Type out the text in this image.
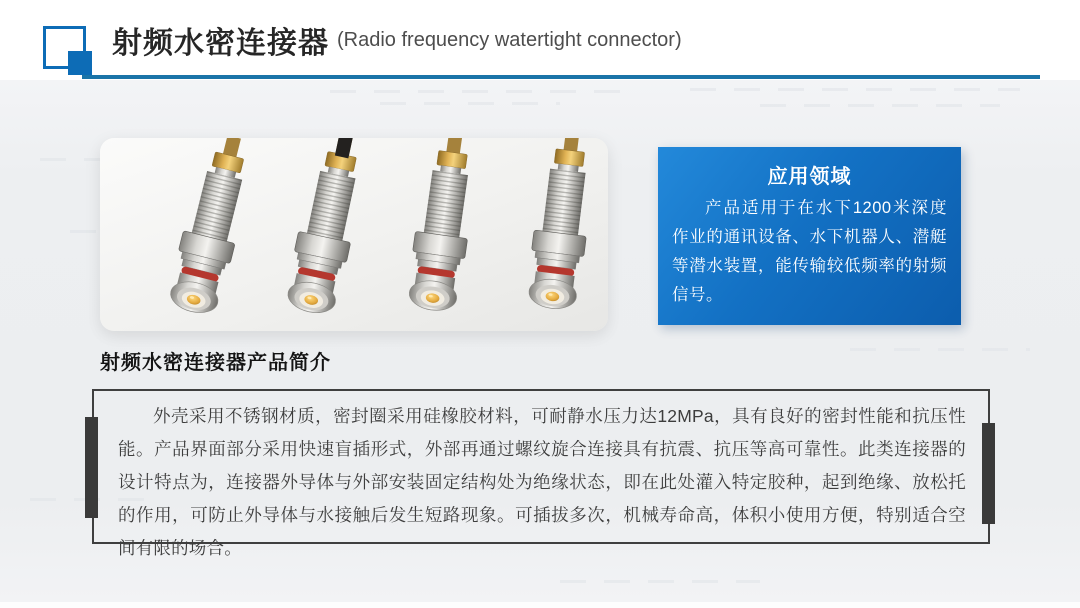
射频水密连接器 (Radio frequency watertight connector)
应用领域

产品适用于在水下1200米深度作业的通讯设备、水下机器人、潜艇等潜水装置，能传输较低频率的射频信号。

射频水密连接器产品简介

外壳采用不锈钢材质，密封圈采用硅橡胶材料，可耐静水压力达12MPa，具有良好的密封性能和抗压性能。产品界面部分采用快速盲插形式，外部再通过螺纹旋合连接具有抗震、抗压等高可靠性。此类连接器的设计特点为，连接器外导体与外部安装固定结构处为绝缘状态，即在此处灌入特定胶种，起到绝缘、放松托的作用，可防止外导体与水接触后发生短路现象。可插拔多次，机械寿命高，体积小使用方便，特别适合空间有限的场合。
